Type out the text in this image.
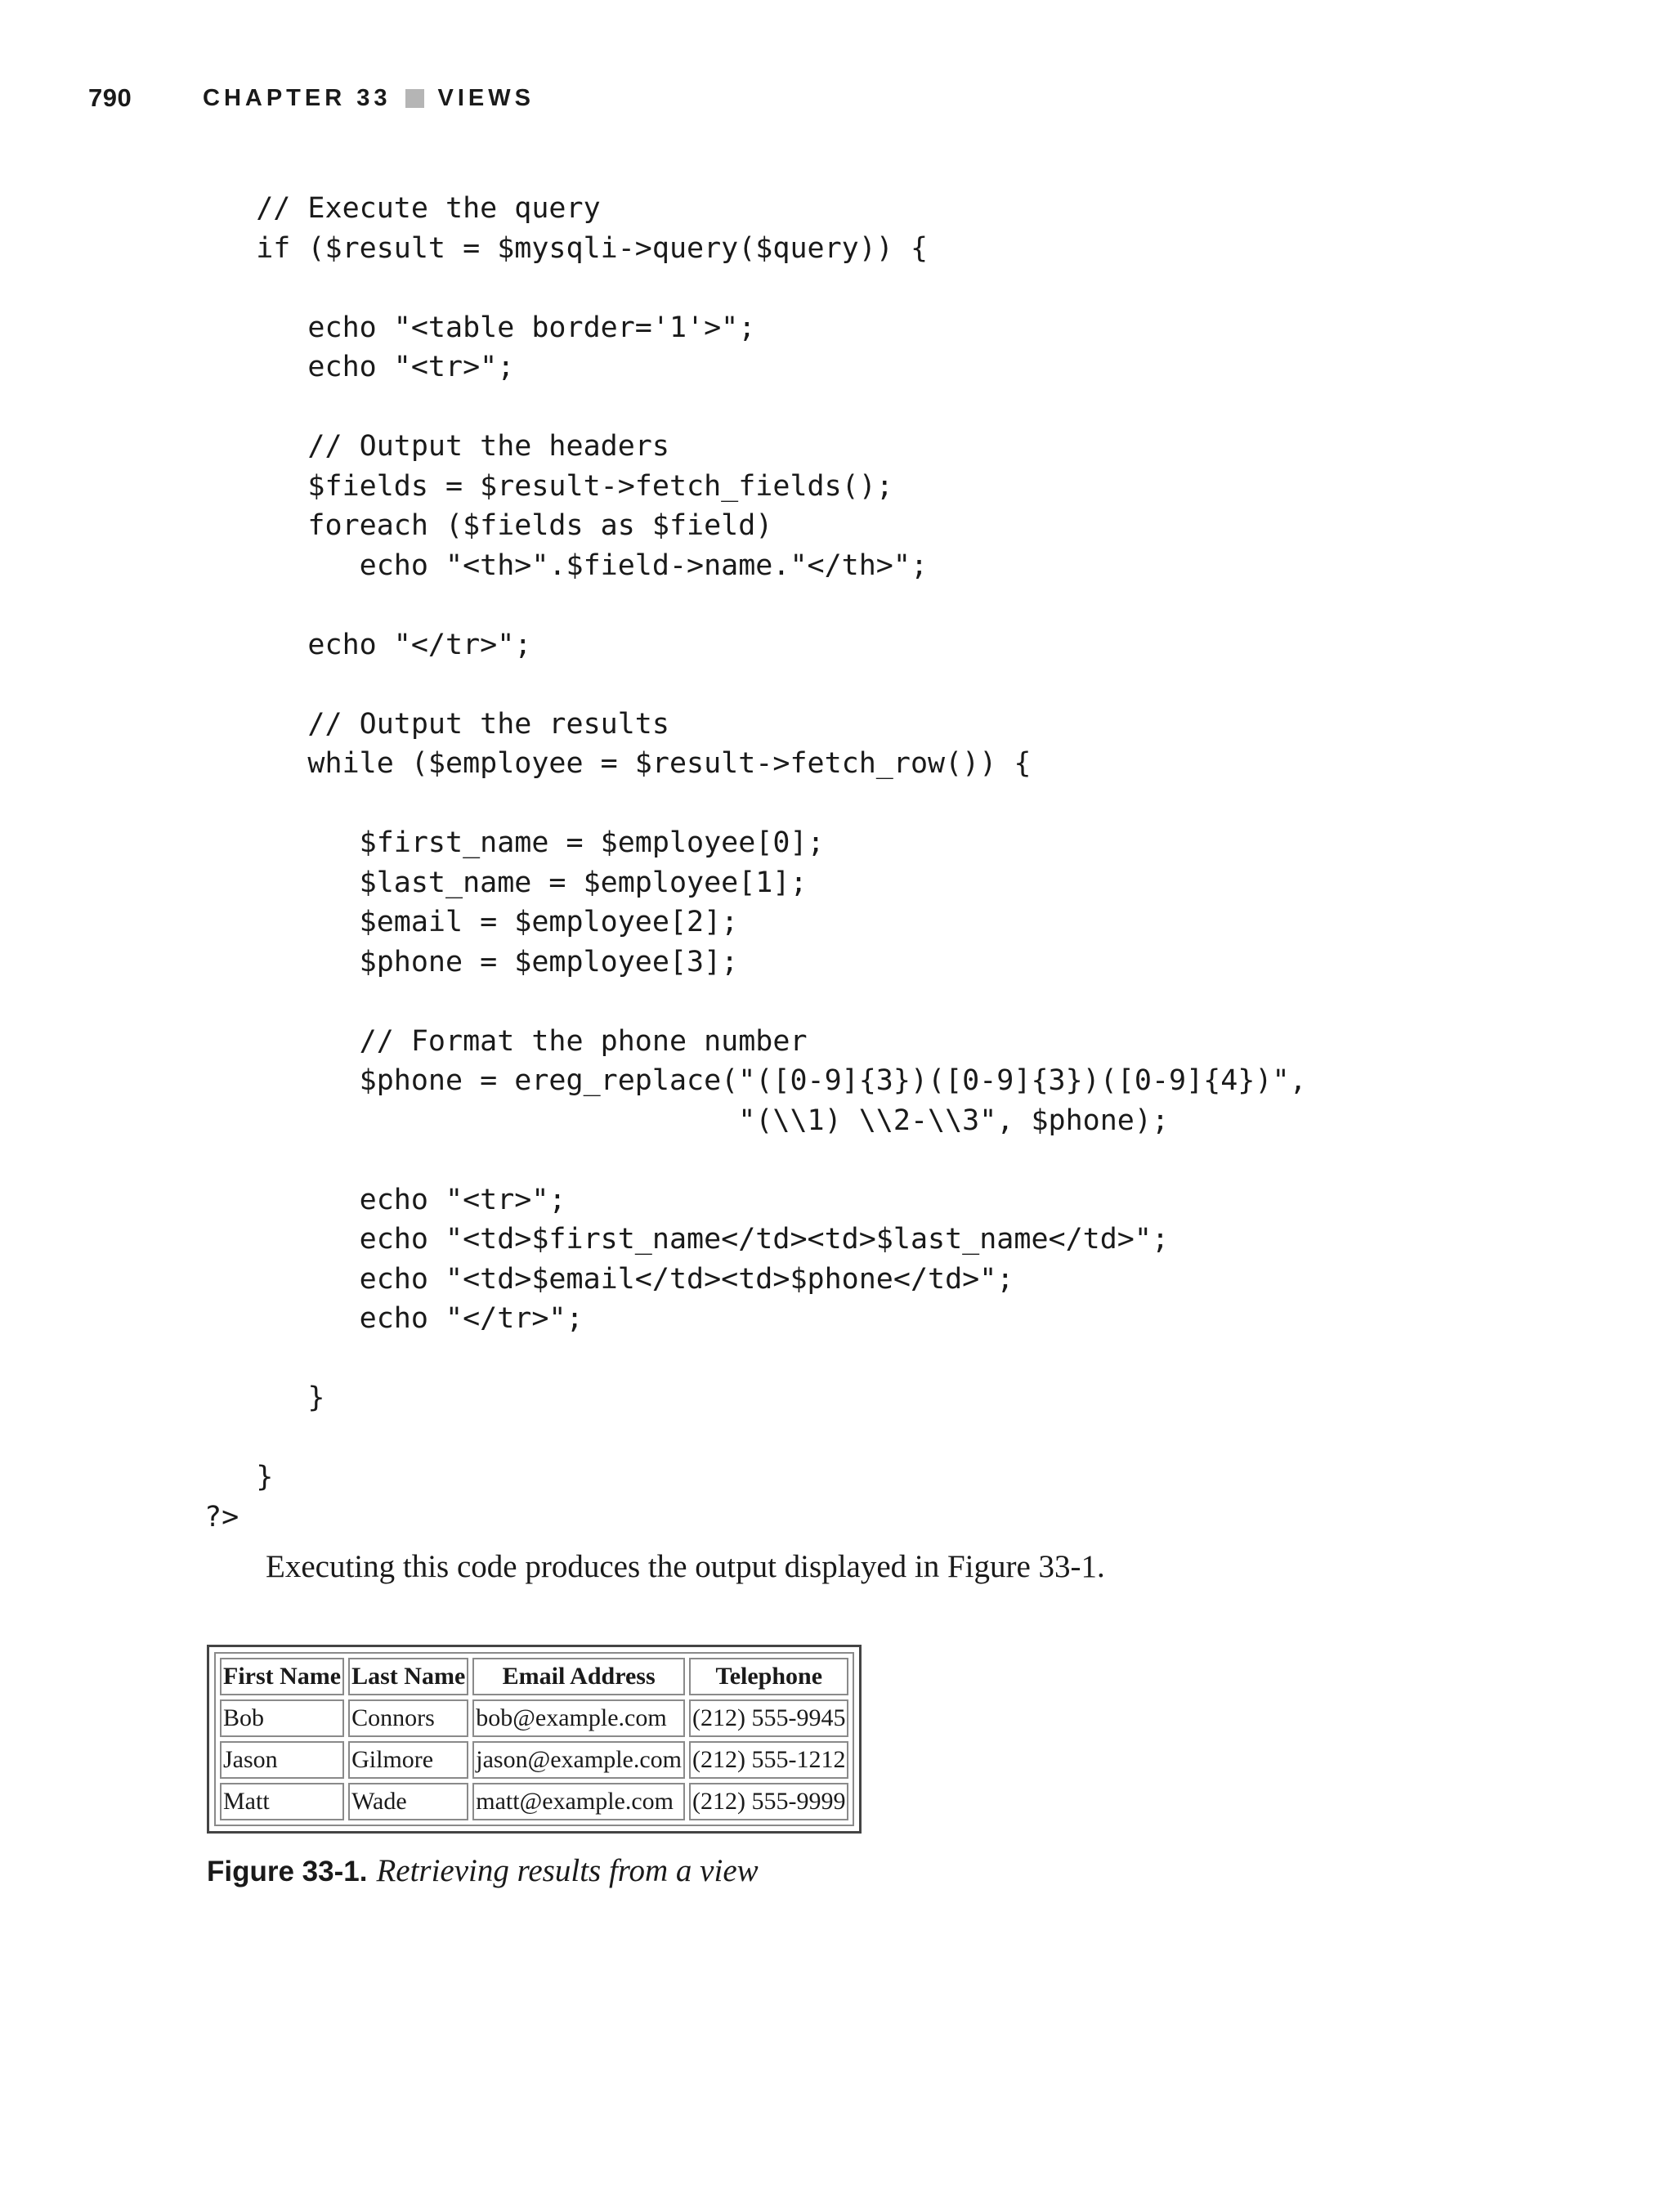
790	CHAPTER 33 VIEWS
// Execute the query
if ($result = $mysqli->query($query)) {
echo "<table border='1'>";
echo "<tr>";
// Output the headers
$fields = $result->fetch_fields();
foreach ($fields as $field)
echo "<th>".$field->name."</th>";
echo "</tr>";
// Output the results
while ($employee = $result->fetch_row()) {
$first_name = $employee[0];
$last_name = $employee[1];
$email = $employee[2];
$phone = $employee[3];
// Format the phone number
$phone = ereg_replace("([0-9]{3})([0-9]{3})([0-9]{4})",
"(\\1) \\2-\\3", $phone);
echo "<tr>";
echo "<td>$first_name</td><td>$last_name</td>";
echo "<td>$email</td><td>$phone</td>";
echo "</tr>";
}
}
?>

Executing this code produces the output displayed in Figure 33-1.

First Name	Last Name	Email Address	Telephone
Bob	Connors	bob@example.com	(212) 555-9945
Jason	Gilmore	jason@example.com	(212) 555-1212
Matt	Wade	matt@example.com	(212) 555-9999
Figure 33-1. Retrieving results from a view
